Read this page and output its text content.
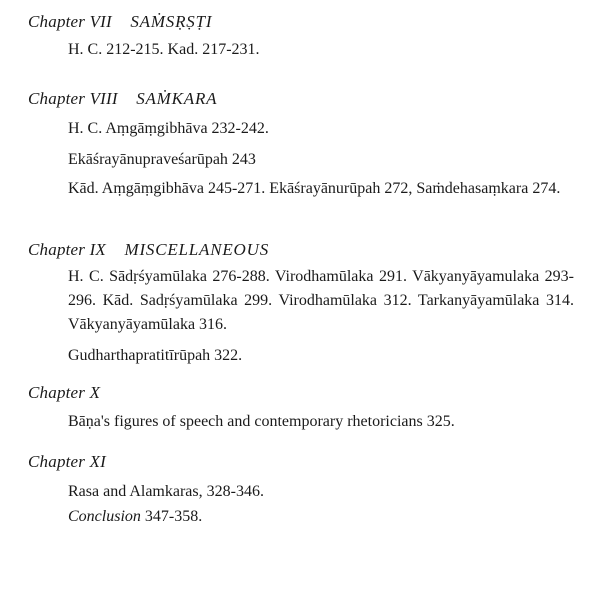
Chapter VII SAṀSṚṢṬI
H. C. 212-215. Kad. 217-231.
Chapter VIII SAṀKARA
H. C. Aṃgāṃgibhāva 232-242.
Ekāśrayānupraveśarūpah 243
Kād. Aṃgāṃgibhāva 245-271. Ekāśrayānurūpah 272, Saṁdehasaṃkara 274.
Chapter IX MISCELLANEOUS
H. C. Sādṛśyamūlaka 276-288. Virodhamūlaka 291. Vākyanyāyamulaka 293-296. Kād. Sadṛśyamūlaka 299. Virodhamūlaka 312. Tarkanyāyamūlaka 314. Vākyanyāyamūlaka 316.
Gudharthapratitīrūpah 322.
Chapter X
Bāṇa's figures of speech and contemporary rhetoricians 325.
Chapter XI
Rasa and Alamkaras, 328-346.
Conclusion 347-358.
